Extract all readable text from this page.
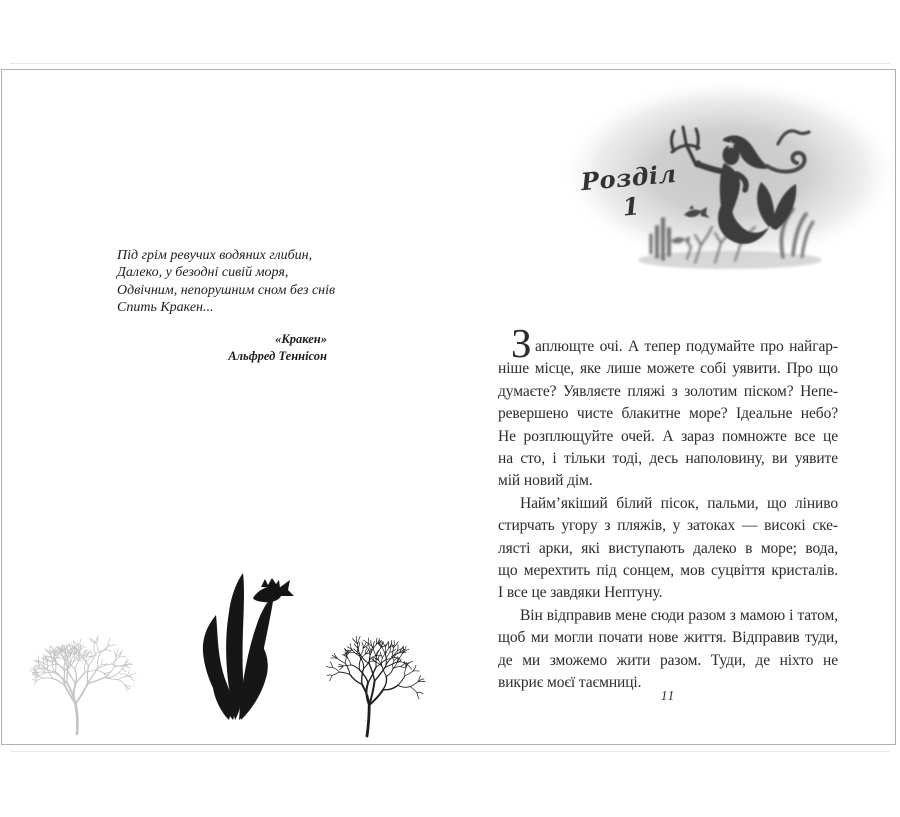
Під грім ревучих водяних глибин,
Далеко, у безодні сивій моря,
Одвічним, непорушним сном без снів
Спить Кракен...
«Кракен»
Альфред Теннісон
Розділ 1
З аплющте очі. А тепер подумайте про найгар-
ніше місце, яке лише можете собі уявити. Про що
думаєте? Уявляєте пляжі з золотим піском? Непе-
ревершено чисте блакитне море? Ідеальне небо?
Не розплющуйте очей. А зараз помножте все це
на сто, і тільки тоді, десь наполовину, ви уявите
мій новий дім.
Найм’якіший білий пісок, пальми, що ліниво
стирчать угору з пляжів, у затоках — високі ске-
лясті арки, які виступають далеко в море; вода,
що мерехтить під сонцем, мов суцвіття кристалів.
І все це завдяки Нептуну.
Він відправив мене сюди разом з мамою і татом,
щоб ми могли почати нове життя. Відправив туди,
де ми зможемо жити разом. Туди, де ніхто не
викриє моєї таємниці.
11
